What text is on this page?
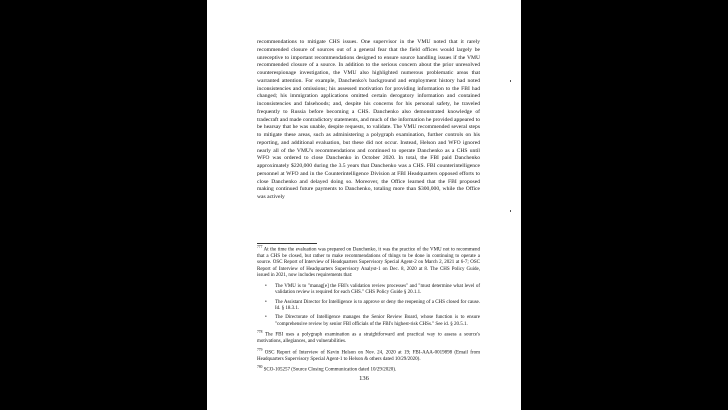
recommendations to mitigate CHS issues. One supervisor in the VMU noted that it rarely recommended closure of sources out of a general fear that the field offices would largely be unreceptive to important recommendations designed to ensure source handling issues if the VMU recommended closure of a source. In addition to the serious concern about the prior unresolved counterespionage investigation, the VMU also highlighted numerous problematic areas that warranted attention. For example, Danchenko's background and employment history had noted inconsistencies and omissions; his assessed motivation for providing information to the FBI had changed; his immigration applications omitted certain derogatory information and contained inconsistencies and falsehoods; and, despite his concerns for his personal safety, he traveled frequently to Russia before becoming a CHS. Danchenko also demonstrated knowledge of tradecraft and made contradictory statements, and much of the information he provided appeared to be hearsay that he was unable, despite requests, to validate. The VMU recommended several steps to mitigate these areas, such as administering a polygraph examination, further controls on his reporting, and additional evaluation, but these did not occur. Instead, Helson and WFO ignored nearly all of the VMU's recommendations and continued to operate Danchenko as a CHS until WFO was ordered to close Danchenko in October 2020. In total, the FBI paid Danchenko approximately $220,000 during the 3.5 years that Danchenko was a CHS. FBI counterintelligence personnel at WFO and in the Counterintelligence Division at FBI Headquarters opposed efforts to close Danchenko and delayed doing so. Moreover, the Office learned that the FBI proposed making continued future payments to Danchenko, totaling more than $300,000, while the Office was actively

$^{777}$ At the time the evaluation was prepared on Danchenko, it was the practice of the VMU not to recommend that a CHS be closed, but rather to make recommendations of things to be done in continuing to operate a source. OSC Report of Interview of Headquarters Supervisory Special Agent-2 on March 2, 2021 at 6-7; OSC Report of Interview of Headquarters Supervisory Analyst-1 on Dec. 8, 2020 at 8. The CHS Policy Guide, issued in 2021, now includes requirements that:

• The VMU is to "manag[e] the FBI's validation review processes" and "must determine what level of validation review is required for each CHS." CHS Policy Guide § 20.1.1.
• The Assistant Director for Intelligence is to approve or deny the reopening of a CHS closed for cause. Id. § 18.3.1.
• The Directorate of Intelligence manages the Senior Review Board, whose function is to ensure "comprehensive review by senior FBI officials of the FBI's highest-risk CHSs." See id. § 20.5.1.

$^{778}$ The FBI uses a polygraph examination as a straightforward and practical way to assess a source's motivations, allegiances, and vulnerabilities.

$^{779}$ OSC Report of Interview of Kevin Helson on Nov. 24, 2020 at 19; FBI-AAA-0019898 (Email from Headquarters Supervisory Special Agent-1 to Helson & others dated 10/29/2020).

$^{780}$ SCO-105257 (Source Closing Communication dated 10/29/2020).

136
